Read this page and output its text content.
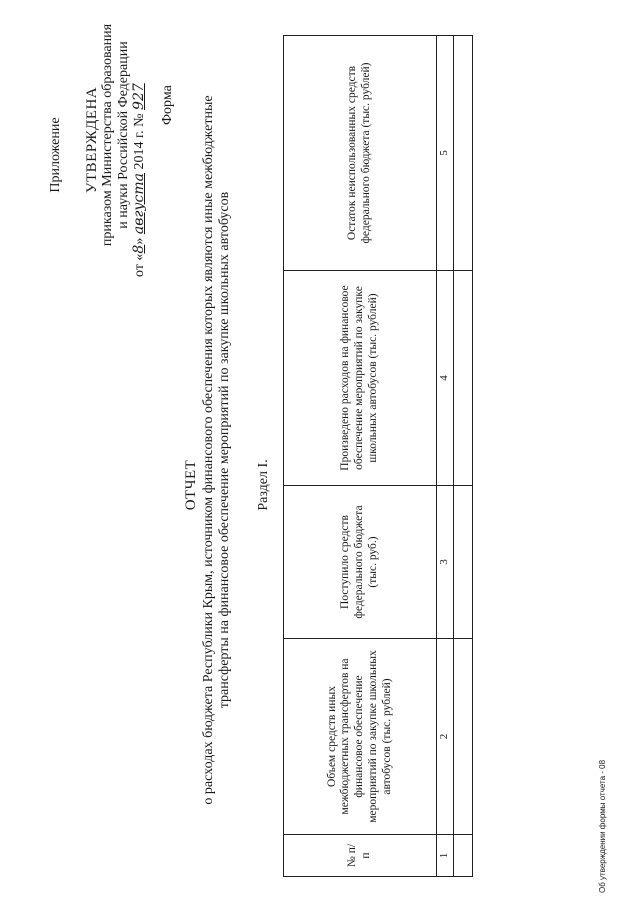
Приложение УТВЕРЖДЕНА приказом Министерства образования и науки Российской Федерации
от «8» августа 2014 г. № 927 Форма
ОТЧЕТ о расходах бюджета Республики Крым, источником финансового обеспечения которых являются иные межбюджетные трансферты на финансовое обеспечение мероприятий по закупке школьных автобусов Раздел I.
№ п/п	Объем средств иных межбюджетных трансфертов на финансовое обеспечение мероприятий по закупке школьных автобусов (тыс. рублей)	Поступило средств федерального бюджета (тыс. руб.)	Произведено расходов на финансовое обеспечение мероприятий по закупке школьных автобусов (тыс. рублей)	Остаток неиспользованных средств федерального бюджета (тыс. рублей)

1	2	3	4	5

Об утверждении формы отчета - 08
